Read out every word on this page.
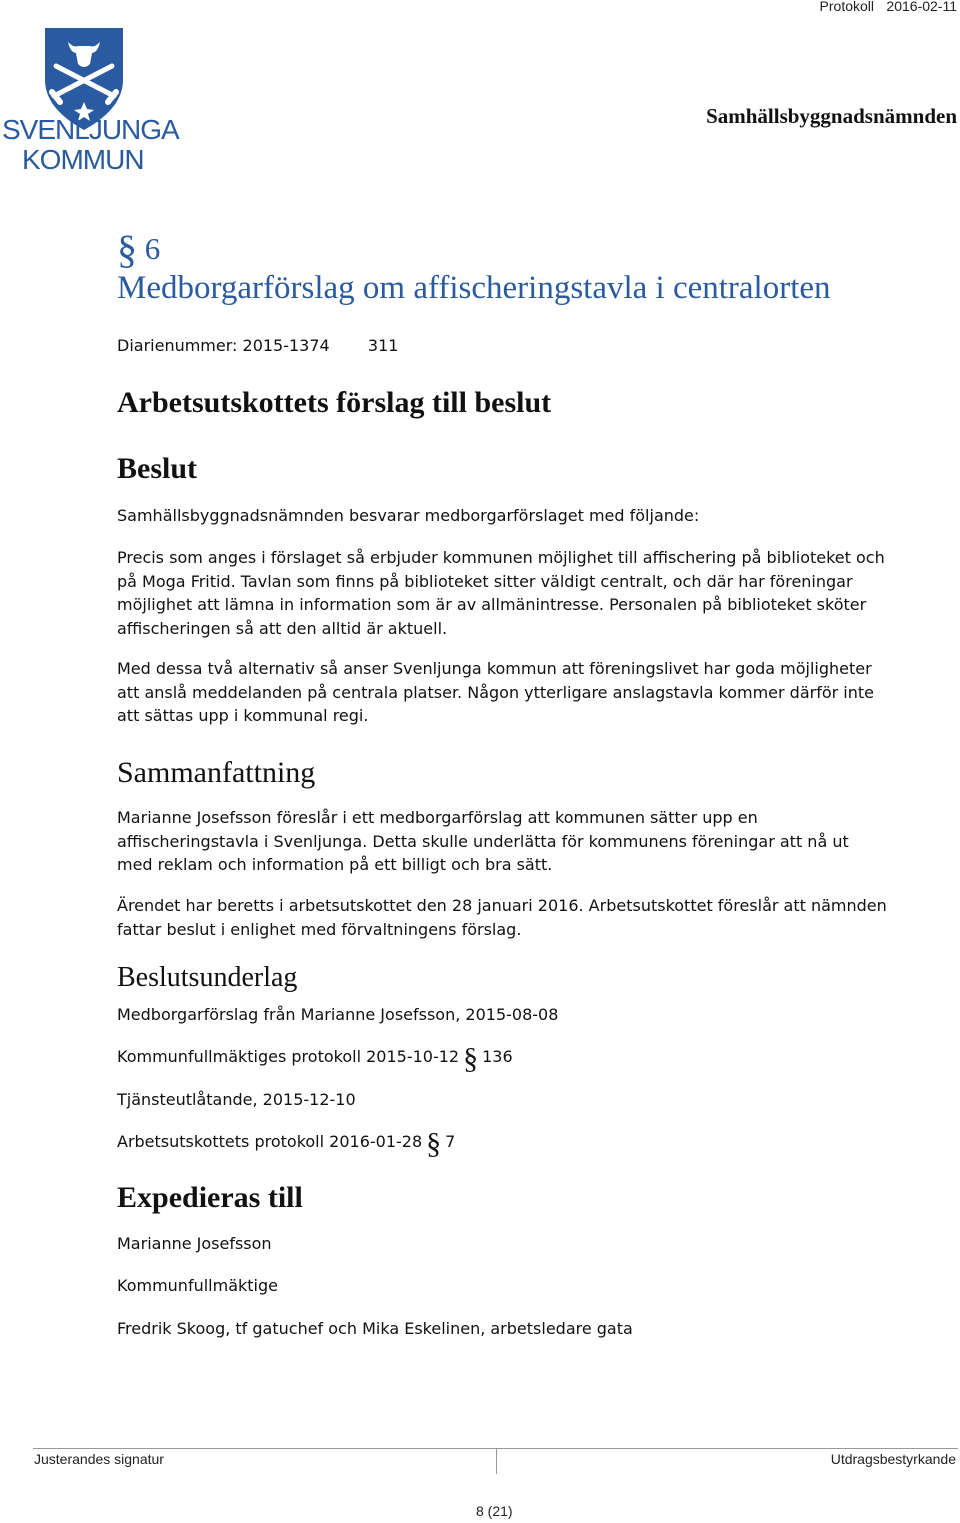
Protokoll 2016-02-11
Samhällsbyggnadsnämnden
SVENLJUNGA
KOMMUN
§ 6
Medborgarförslag om affischeringstavla i centralorten
Diarienummer: 2015-1374 311
Arbetsutskottets förslag till beslut
Beslut
Samhällsbyggnadsnämnden besvarar medborgarförslaget med följande:
Precis som anges i förslaget så erbjuder kommunen möjlighet till affischering på biblioteket och på Moga Fritid. Tavlan som finns på biblioteket sitter väldigt centralt, och där har föreningar möjlighet att lämna in information som är av allmänintresse. Personalen på biblioteket sköter affischeringen så att den alltid är aktuell.
Med dessa två alternativ så anser Svenljunga kommun att föreningslivet har goda möjligheter att anslå meddelanden på centrala platser. Någon ytterligare anslagstavla kommer därför inte att sättas upp i kommunal regi.
Sammanfattning
Marianne Josefsson föreslår i ett medborgarförslag att kommunen sätter upp en affischeringstavla i Svenljunga. Detta skulle underlätta för kommunens föreningar att nå ut med reklam och information på ett billigt och bra sätt.
Ärendet har beretts i arbetsutskottet den 28 januari 2016. Arbetsutskottet föreslår att nämnden fattar beslut i enlighet med förvaltningens förslag.
Beslutsunderlag
Medborgarförslag från Marianne Josefsson, 2015-08-08
Kommunfullmäktiges protokoll 2015-10-12 § 136
Tjänsteutlåtande, 2015-12-10
Arbetsutskottets protokoll 2016-01-28 § 7
Expedieras till
Marianne Josefsson
Kommunfullmäktige
Fredrik Skoog, tf gatuchef och Mika Eskelinen, arbetsledare gata
Justerandes signatur	Utdragsbestyrkande
8 (21)
